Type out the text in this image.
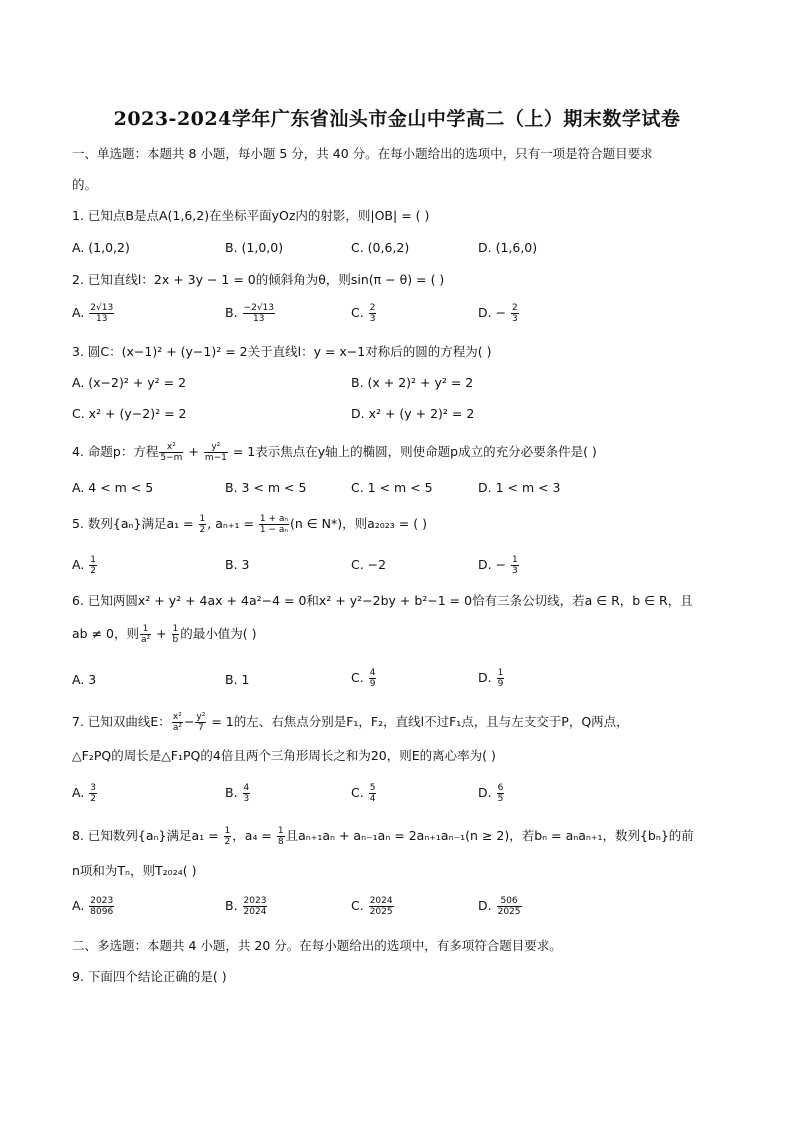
2023-2024学年广东省汕头市金山中学高二（上）期末数学试卷
一、单选题：本题共 8 小题，每小题 5 分，共 40 分。在每小题给出的选项中，只有一项是符合题目要求
的。
1. 已知点B是点A(1,6,2)在坐标平面yOz内的射影，则|OB| = ( )
A. (1,0,2)	B. (1,0,0)	C. (0,6,2)	D. (1,6,0)
2. 已知直线l：2x + 3y − 1 = 0的倾斜角为θ，则sin(π − θ) = ( )
A. $\frac{2√13}{13}$	B. $\frac{-2√13}{13}$	C. $\frac{2}{3}$	D. − $\frac{2}{3}$
3. 圆C：(x−1)² + (y−1)² = 2关于直线l：y = x−1对称后的圆的方程为( )
A. (x−2)² + y² = 2	B. (x + 2)² + y² = 2
C. x² + (y−2)² = 2	D. x² + (y + 2)² = 2
4. 命题p：方程 $\frac{\text{x²}}{5-m} + \frac{\text{y²}}{m-1} = 1$表示焦点在y轴上的椭圆，则使命题p成立的充分必要条件是( )
A. 4 < m < 5	B. 3 < m < 5	C. 1 < m < 5	D. 1 < m < 3
5. 数列{aₙ}满足$a_1 = \frac{1}{2}$ , $a_{n+1} = \frac{\text{1 + aₙ}}{\text{1 − aₙ}} (n$ ∈ N*)，则a₂₀₂₃ = ( )
A. $\frac{1}{2}$	B. 3	C. −2	D. − $\frac{1}{3}$
6. 已知两圆x² + y² + 4ax + 4a²−4 = 0和x² + y²−2by + b²−1 = 0恰有三条公切线，若a ∈ R，b ∈ R，且
ab ≠ 0，则 $\frac{1}{\text{a²}} + \frac{1}{b}$ 的最小值为( )
A. 3	B. 1	C. $\frac{4}{9}$	D. $\frac{1}{9}$
7. 已知双曲线E： $\frac{\text{x²}}{\text{a²}} - \frac{\text{y²}}{7} = 1$的左、右焦点分别是F₁，F₂，直线l不过F₁点，且与左支交于P，Q两点，
△F₂PQ的周长是△F₁PQ的4倍且两个三角形周长之和为20，则E的离心率为( )
A. $\frac{3}{2}$	B. $\frac{4}{3}$	C. $\frac{5}{4}$	D. $\frac{6}{5}$
8. 已知数列{aₙ}满足$a_1 = \frac{1}{2}$ ，$a_4 = \frac{1}{8}$ 且aₙ₊₁aₙ + aₙ₋₁aₙ = 2aₙ₊₁aₙ₋₁(n ≥ 2)，若bₙ = aₙaₙ₊₁，数列{bₙ}的前
n项和为Tₙ，则T₂₀₂₄( )
A. $\frac{2023}{8096}$	B. $\frac{2023}{2024}$	C. $\frac{2024}{2025}$	D. $\frac{506}{2025}$
二、多选题：本题共 4 小题，共 20 分。在每小题给出的选项中，有多项符合题目要求。
9. 下面四个结论正确的是( )
